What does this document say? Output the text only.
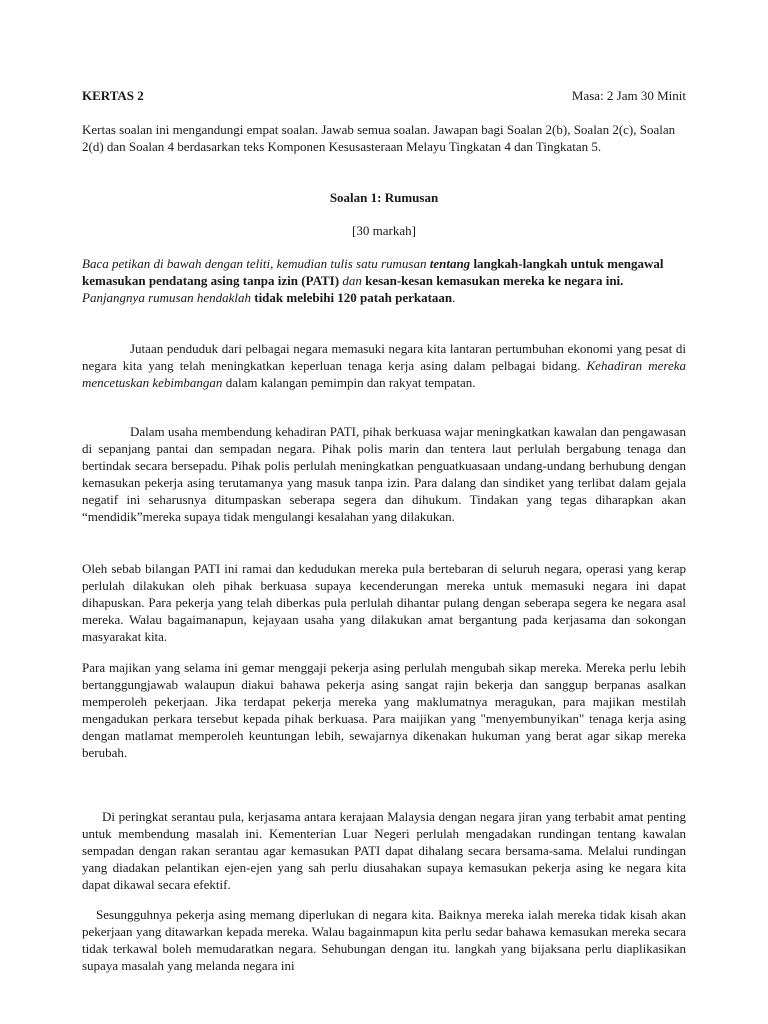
KERTAS 2	Masa: 2 Jam 30 Minit
Kertas soalan ini mengandungi empat soalan. Jawab semua soalan. Jawapan bagi Soalan 2(b), Soalan 2(c), Soalan 2(d) dan Soalan 4 berdasarkan teks Komponen Kesusasteraan Melayu Tingkatan 4 dan Tingkatan 5.
Soalan 1: Rumusan
[30 markah]
Baca petikan di bawah dengan teliti, kemudian tulis satu rumusan tentang langkah-langkah untuk mengawal kemasukan pendatang asing tanpa izin (PATI) dan kesan-kesan kemasukan mereka ke negara ini. Panjangnya rumusan hendaklah tidak melebihi 120 patah perkataan.
Jutaan penduduk dari pelbagai negara memasuki negara kita lantaran pertumbuhan ekonomi yang pesat di negara kita yang telah meningkatkan keperluan tenaga kerja asing dalam pelbagai bidang. Kehadiran mereka mencetuskan kebimbangan dalam kalangan pemimpin dan rakyat tempatan.
Dalam usaha membendung kehadiran PATI, pihak berkuasa wajar meningkatkan kawalan dan pengawasan di sepanjang pantai dan sempadan negara. Pihak polis marin dan tentera laut perlulah bergabung tenaga dan bertindak secara bersepadu. Pihak polis perlulah meningkatkan penguatkuasaan undang-undang berhubung dengan kemasukan pekerja asing terutamanya yang masuk tanpa izin. Para dalang dan sindiket yang terlibat dalam gejala negatif ini seharusnya ditumpaskan seberapa segera dan dihukum. Tindakan yang tegas diharapkan akan “mendidik”mereka supaya tidak mengulangi kesalahan yang dilakukan.
Oleh sebab bilangan PATI ini ramai dan kedudukan mereka pula bertebaran di seluruh negara, operasi yang kerap perlulah dilakukan oleh pihak berkuasa supaya kecenderungan mereka untuk memasuki negara ini dapat dihapuskan. Para pekerja yang telah diberkas pula perlulah dihantar pulang dengan seberapa segera ke negara asal mereka. Walau bagaimanapun, kejayaan usaha yang dilakukan amat bergantung pada kerjasama dan sokongan masyarakat kita.
Para majikan yang selama ini gemar menggaji pekerja asing perlulah mengubah sikap mereka. Mereka perlu lebih bertanggungjawab walaupun diakui bahawa pekerja asing sangat rajin bekerja dan sanggup berpanas asalkan memperoleh pekerjaan. Jika terdapat pekerja mereka yang maklumatnya meragukan, para majikan mestilah mengadukan perkara tersebut kepada pihak berkuasa. Para maijikan yang "menyembunyikan" tenaga kerja asing dengan matlamat memperoleh keuntungan lebih, sewajarnya dikenakan hukuman yang berat agar sikap mereka berubah.
Di peringkat serantau pula, kerjasama antara kerajaan Malaysia dengan negara jiran yang terbabit amat penting untuk membendung masalah ini. Kementerian Luar Negeri perlulah mengadakan rundingan tentang kawalan sempadan dengan rakan serantau agar kemasukan PATI dapat dihalang secara bersama-sama. Melalui rundingan yang diadakan pelantikan ejen-ejen yang sah perlu diusahakan supaya kemasukan pekerja asing ke negara kita dapat dikawal secara efektif.
Sesungguhnya pekerja asing memang diperlukan di negara kita. Baiknya mereka ialah mereka tidak kisah akan pekerjaan yang ditawarkan kepada mereka. Walau bagainmapun kita perlu sedar bahawa kemasukan mereka secara tidak terkawal boleh memudaratkan negara. Sehubungan dengan itu. langkah yang bijaksana perlu diaplikasikan supaya masalah yang melanda negara ini
